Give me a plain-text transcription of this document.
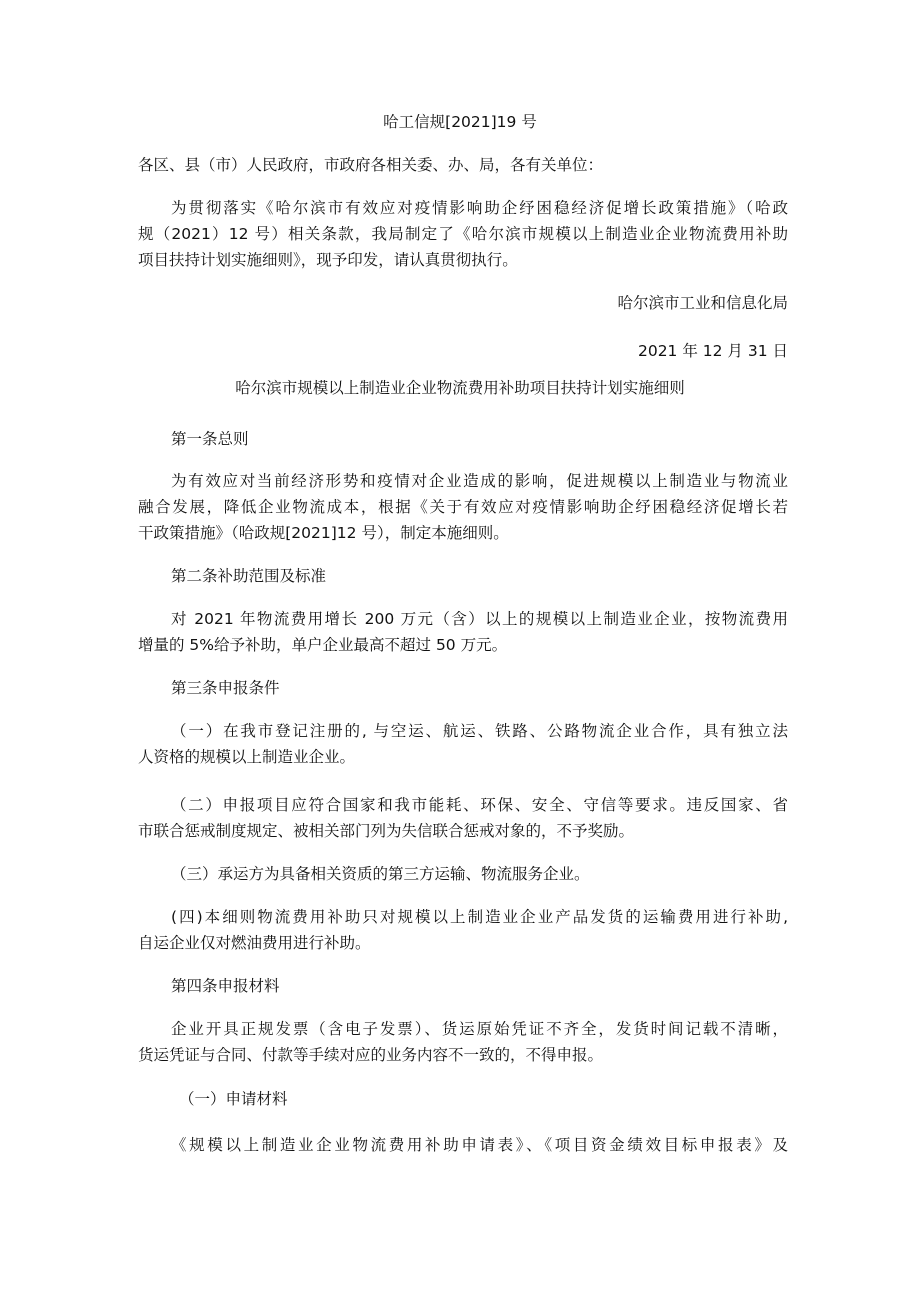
哈工信规[2021]19 号

各区、县（市）人民政府，市政府各相关委、办、局，各有关单位：

为贯彻落实《哈尔滨市有效应对疫情影响助企纾困稳经济促增长政策措施》（哈政

规（2021）12 号）相关条款，我局制定了《哈尔滨市规模以上制造业企业物流费用补助

项目扶持计划实施细则》，现予印发，请认真贯彻执行。

哈尔滨市工业和信息化局

2021 年 12 月 31 日

哈尔滨市规模以上制造业企业物流费用补助项目扶持计划实施细则

第一条总则

为有效应对当前经济形势和疫情对企业造成的影响，促进规模以上制造业与物流业

融合发展，降低企业物流成本，根据《关于有效应对疫情影响助企纾困稳经济促增长若

干政策措施》（哈政规[2021]12 号），制定本施细则。

第二条补助范围及标准

对 2021 年物流费用增长 200 万元（含）以上的规模以上制造业企业，按物流费用

增量的 5%给予补助，单户企业最高不超过 50 万元。

第三条申报条件

（一）在我市登记注册的, 与空运、航运、铁路、公路物流企业合作，具有独立法

人资格的规模以上制造业企业。

（二）申报项目应符合国家和我市能耗、环保、安全、守信等要求。违反国家、省

市联合惩戒制度规定、被相关部门列为失信联合惩戒对象的，不予奖励。

（三）承运方为具备相关资质的第三方运输、物流服务企业。

(四)本细则物流费用补助只对规模以上制造业企业产品发货的运输费用进行补助,

自运企业仅对燃油费用进行补助。

第四条申报材料

企业开具正规发票（含电子发票）、货运原始凭证不齐全，发货时间记载不清晰，

货运凭证与合同、付款等手续对应的业务内容不一致的，不得申报。

（一）申请材料

《规模以上制造业企业物流费用补助申请表》、《项目资金绩效目标申报表》及
